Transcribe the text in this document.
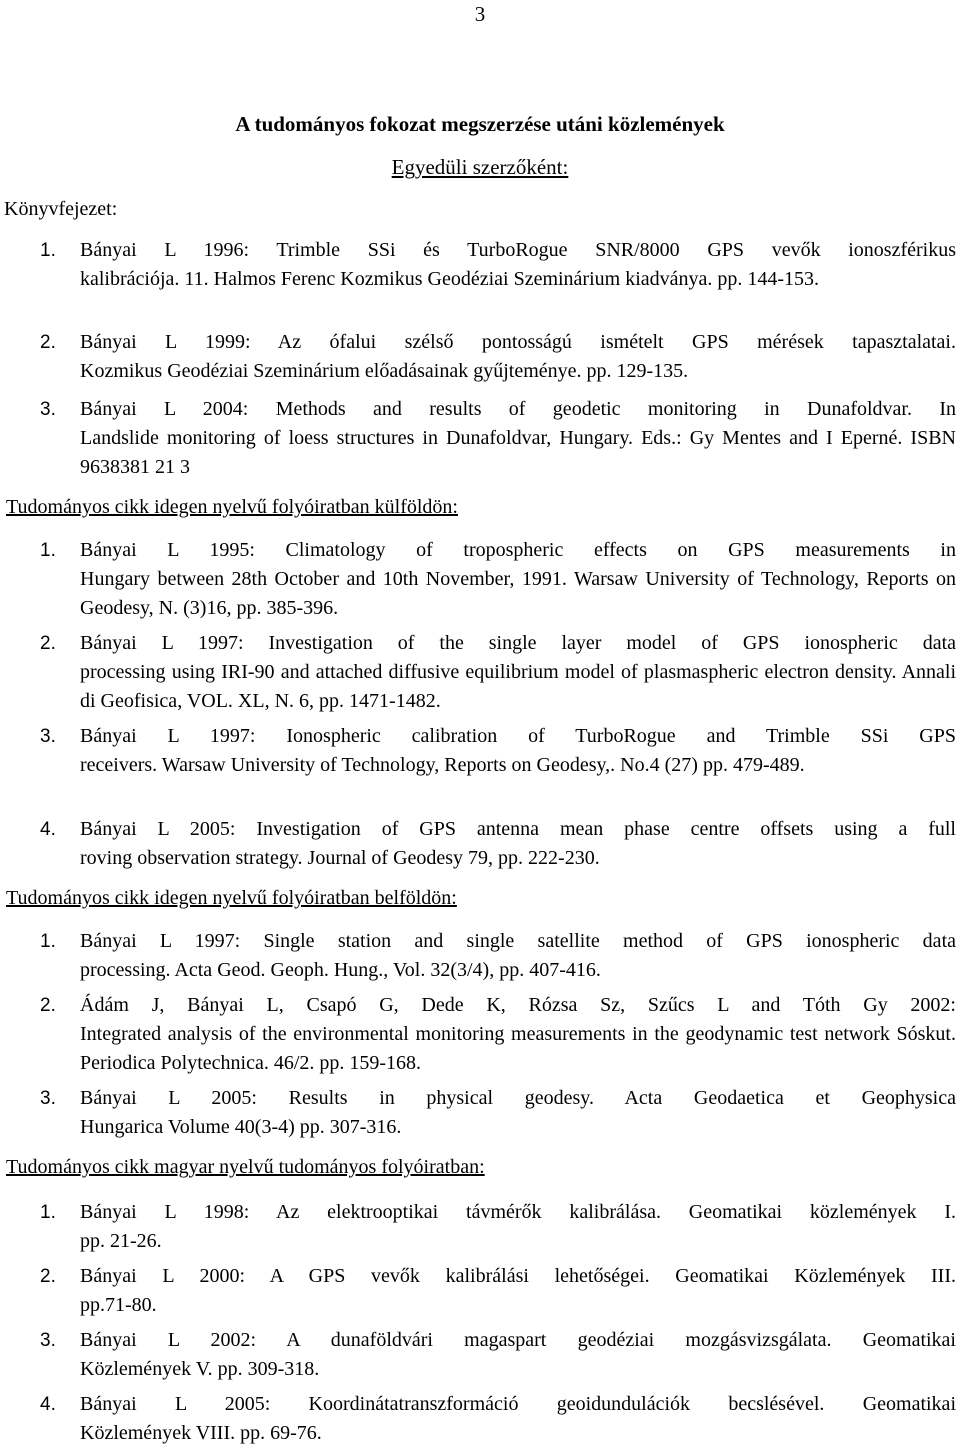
3
A tudományos fokozat megszerzése utáni közlemények
Egyedüli szerzőként:
Könyvfejezet:
1.	Bányai L 1996: Trimble SSi és TurboRogue SNR/8000 GPS vevők ionoszférikus
kalibrációja. 11. Halmos Ferenc Kozmikus Geodéziai Szeminárium kiadványa. pp. 144-153.
2.	Bányai L 1999: Az ófalui szélső pontosságú ismételt GPS mérések tapasztalatai.
Kozmikus Geodéziai Szeminárium előadásainak gyűjteménye. pp. 129-135.
3.	Bányai L 2004: Methods and results of geodetic monitoring in Dunafoldvar. In
Landslide monitoring of loess structures in Dunafoldvar, Hungary. Eds.: Gy Mentes and I Eperné. ISBN 9638381 21 3
Tudományos cikk idegen nyelvű folyóiratban külföldön:
1.	Bányai L 1995: Climatology of tropospheric effects on GPS measurements in
Hungary between 28th October and 10th November, 1991. Warsaw University of Technology, Reports on Geodesy, N. (3)16, pp. 385-396.
2.	Bányai L 1997: Investigation of the single layer model of GPS ionospheric data
processing using IRI-90 and attached diffusive equilibrium model of plasmaspheric electron density. Annali di Geofisica, VOL. XL, N. 6, pp. 1471-1482.
3.	Bányai L 1997: Ionospheric calibration of TurboRogue and Trimble SSi GPS
receivers. Warsaw University of Technology, Reports on Geodesy,. No.4 (27) pp. 479-489.
4.	Bányai L 2005: Investigation of GPS antenna mean phase centre offsets using a full
roving observation strategy. Journal of Geodesy 79, pp. 222-230.
Tudományos cikk idegen nyelvű folyóiratban belföldön:
1.	Bányai L 1997: Single station and single satellite method of GPS ionospheric data
processing. Acta Geod. Geoph. Hung., Vol. 32(3/4), pp. 407-416.
2.	Ádám J, Bányai L, Csapó G, Dede K, Rózsa Sz, Szűcs L and Tóth Gy 2002:
Integrated analysis of the environmental monitoring measurements in the geodynamic test network Sóskut. Periodica Polytechnica. 46/2. pp. 159-168.
3.	Bányai L 2005: Results in physical geodesy. Acta Geodaetica et Geophysica
Hungarica Volume 40(3-4) pp. 307-316.
Tudományos cikk magyar nyelvű tudományos folyóiratban:
1.	Bányai L 1998: Az elektrooptikai távmérők kalibrálása. Geomatikai közlemények I.
pp. 21-26.
2.	Bányai L 2000: A GPS vevők kalibrálási lehetőségei. Geomatikai Közlemények III.
pp.71-80.
3.	Bányai L 2002: A dunaföldvári magaspart geodéziai mozgásvizsgálata. Geomatikai
Közlemények V. pp. 309-318.
4.	Bányai L 2005: Koordinátatranszformáció geoidundulációk becslésével. Geomatikai
Közlemények VIII. pp. 69-76.
